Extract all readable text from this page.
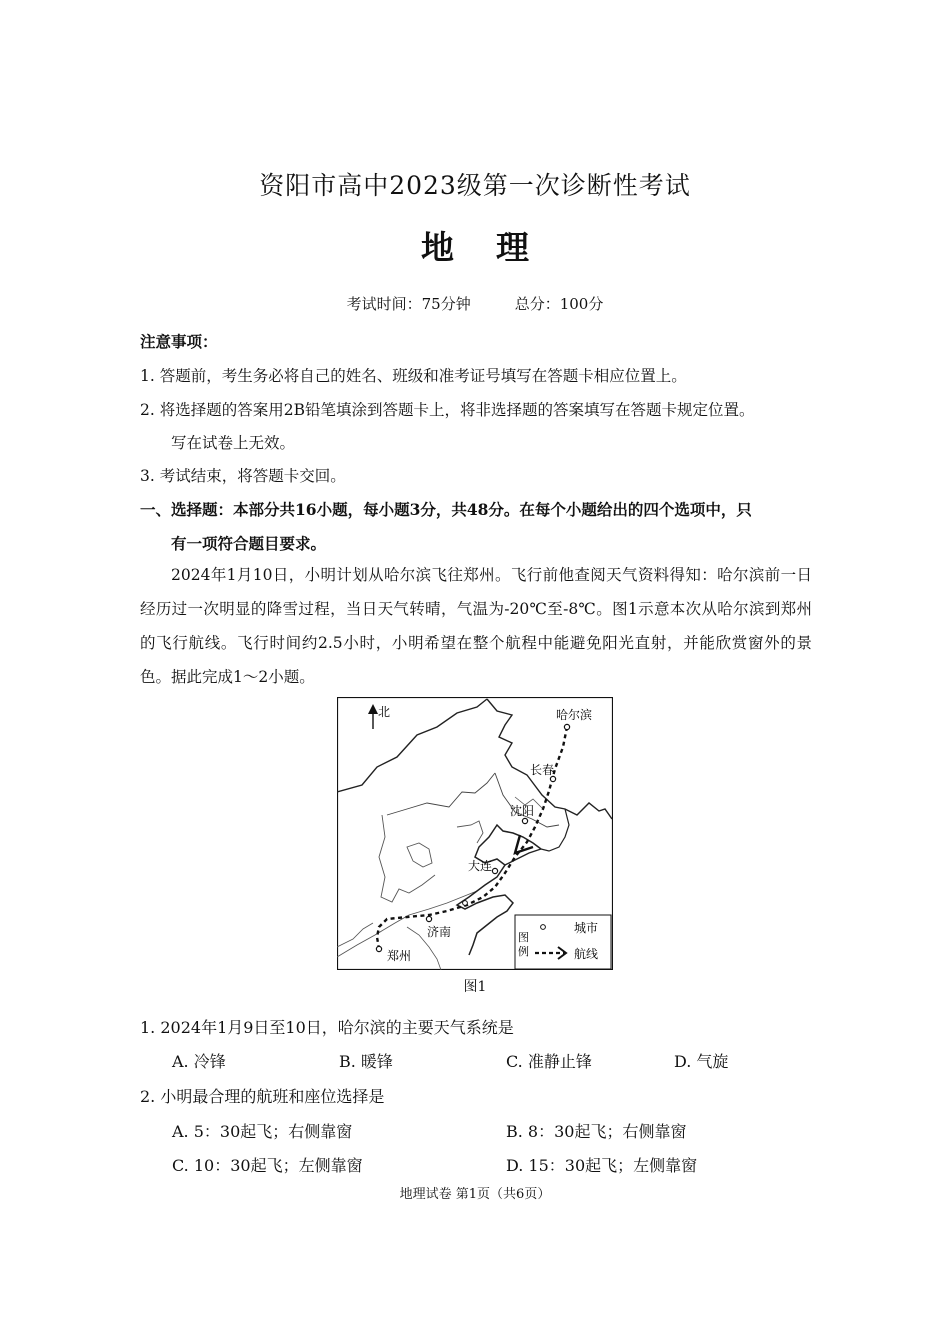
资阳市高中2023级第一次诊断性考试
地理
考试时间：75分钟	总分：100分
注意事项：
1. 答题前，考生务必将自己的姓名、班级和准考证号填写在答题卡相应位置上。
2. 将选择题的答案用2B铅笔填涂到答题卡上，将非选择题的答案填写在答题卡规定位置。
写在试卷上无效。
3. 考试结束，将答题卡交回。
一、选择题：本部分共16小题，每小题3分，共48分。在每个小题给出的四个选项中，只
有一项符合题目要求。
2024年1月10日，小明计划从哈尔滨飞往郑州。飞行前他查阅天气资料得知：哈尔滨前一日经历过一次明显的降雪过程，当日天气转晴，气温为-20℃至-8℃。图1示意本次从哈尔滨到郑州的飞行航线。飞行时间约2.5小时，小明希望在整个航程中能避免阳光直射，并能欣赏窗外的景色。据此完成1～2小题。
北	哈尔滨
长春
沈阳
大连
济南
郑州
图
例
城市
航线
图1
1. 2024年1月9日至10日，哈尔滨的主要天气系统是
A. 冷锋	B. 暖锋	C. 准静止锋	D. 气旋
2. 小明最合理的航班和座位选择是
A. 5：30起飞；右侧靠窗	B. 8：30起飞；右侧靠窗
C. 10：30起飞；左侧靠窗	D. 15：30起飞；左侧靠窗
地理试卷 第1页（共6页）
